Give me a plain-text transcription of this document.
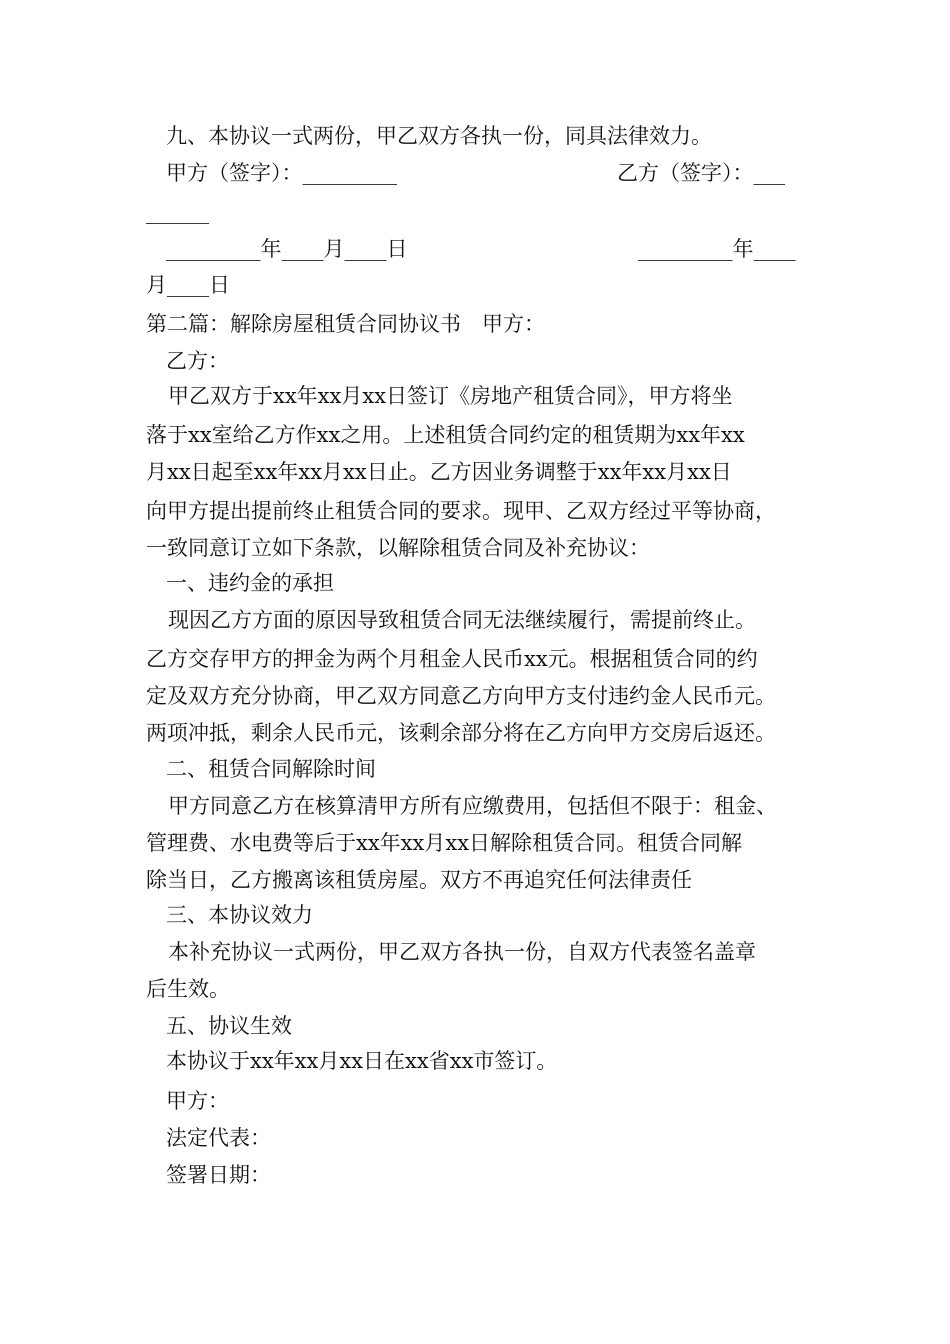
九、本协议一式两份，甲乙双方各执一份，同具法律效力。
甲方（签字）：_________	乙方（签字）：___
______
_________年____月____日	_________年____
月____日
第二篇：解除房屋租赁合同协议书　甲方：
乙方：
甲乙双方于xx年xx月xx日签订《房地产租赁合同》，甲方将坐
落于xx室给乙方作xx之用。上述租赁合同约定的租赁期为xx年xx
月xx日起至xx年xx月xx日止。乙方因业务调整于xx年xx月xx日
向甲方提出提前终止租赁合同的要求。现甲、乙双方经过平等协商，
一致同意订立如下条款，以解除租赁合同及补充协议：
一、违约金的承担
现因乙方方面的原因导致租赁合同无法继续履行，需提前终止。
乙方交存甲方的押金为两个月租金人民币xx元。根据租赁合同的约
定及双方充分协商，甲乙双方同意乙方向甲方支付违约金人民币元。
两项冲抵，剩余人民币元，该剩余部分将在乙方向甲方交房后返还。
二、租赁合同解除时间
甲方同意乙方在核算清甲方所有应缴费用，包括但不限于：租金、
管理费、水电费等后于xx年xx月xx日解除租赁合同。租赁合同解
除当日，乙方搬离该租赁房屋。双方不再追究任何法律责任
三、本协议效力
本补充协议一式两份，甲乙双方各执一份，自双方代表签名盖章
后生效。
五、协议生效
本协议于xx年xx月xx日在xx省xx市签订。
甲方：
法定代表：
签署日期：
